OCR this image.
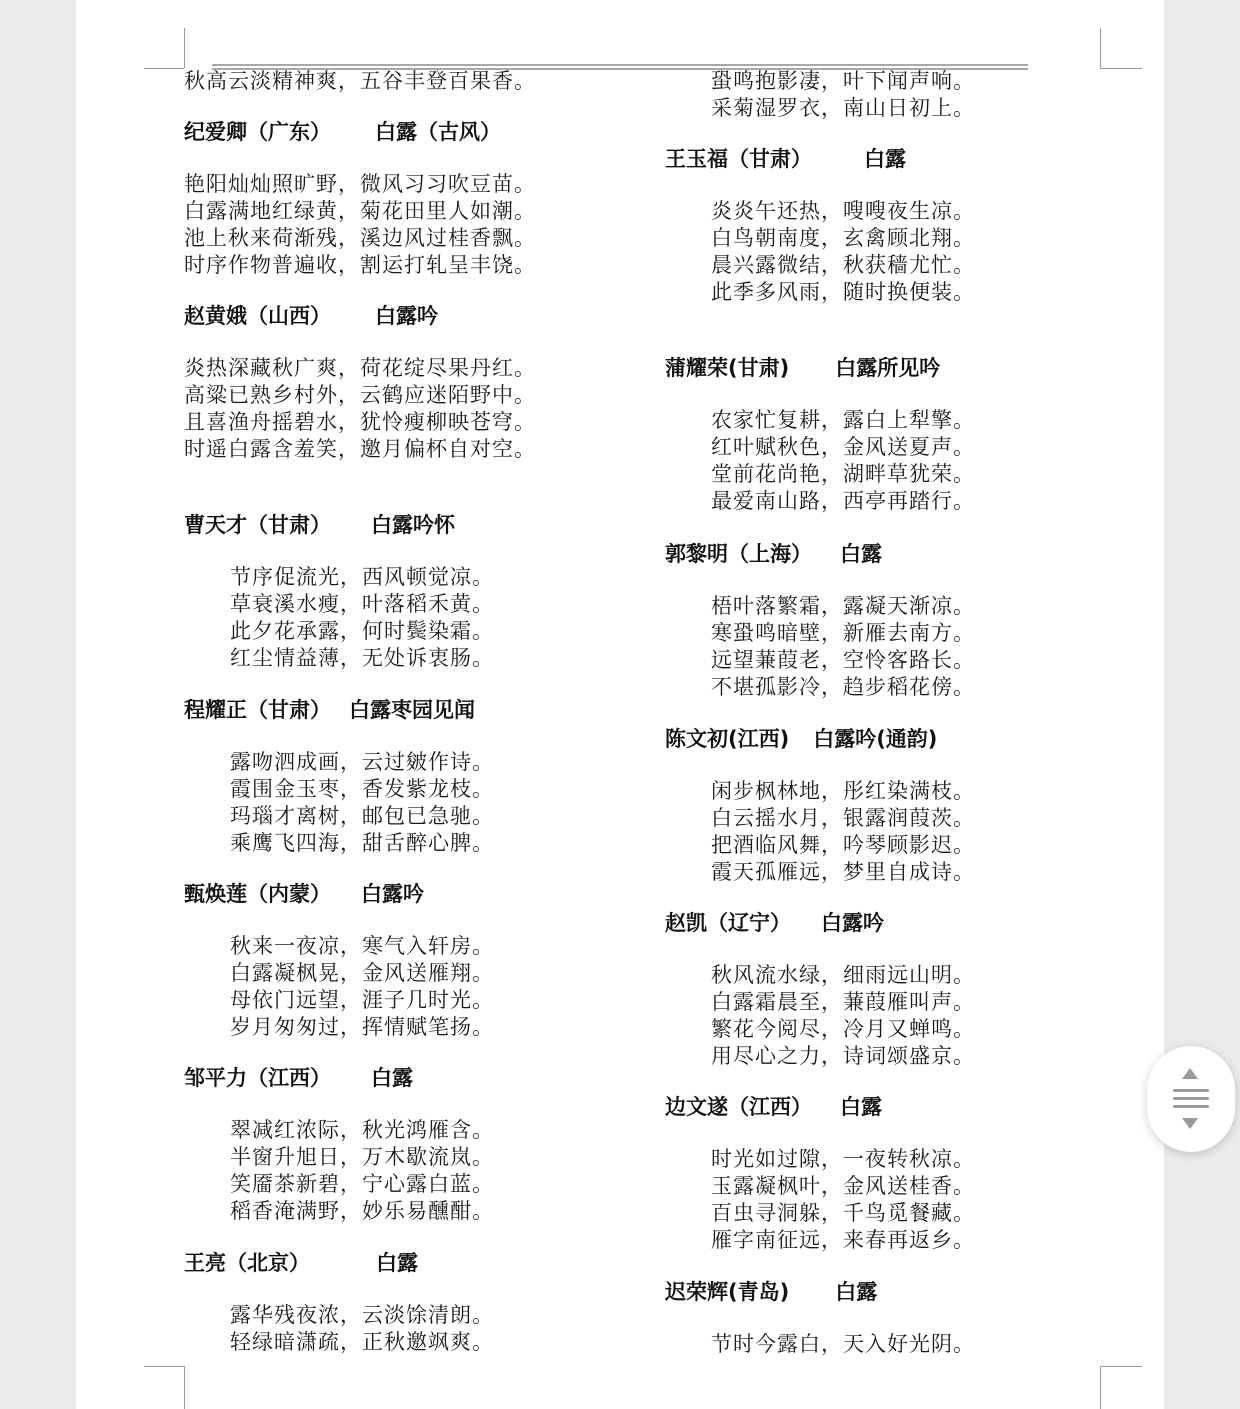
秋高云淡精神爽，五谷丰登百果香。
纪爱卿（广东） 白露（古风）
艳阳灿灿照旷野，微风习习吹豆苗。
白露满地红绿黄，菊花田里人如潮。
池上秋来荷渐残，溪边风过桂香飘。
时序作物普遍收，割运打轧呈丰饶。
赵黄娥（山西） 白露吟
炎热深藏秋广爽，荷花绽尽果丹红。
高粱已熟乡村外，云鹤应迷陌野中。
且喜渔舟摇碧水，犹怜瘦柳映苍穹。
时遥白露含羞笑，邀月偏杯自对空。
曹天才（甘肃） 白露吟怀
节序促流光，西风顿觉凉。
草衰溪水瘦，叶落稻禾黄。
此夕花承露，何时鬓染霜。
红尘情益薄，无处诉衷肠。
程耀正（甘肃） 白露枣园见闻
露吻泗成画，云过皴作诗。
霞围金玉枣，香发紫龙枝。
玛瑙才离树，邮包已急驰。
乘鹰飞四海，甜舌醉心脾。
甄焕莲（内蒙） 白露吟
秋来一夜凉，寒气入轩房。
白露凝枫晃，金风送雁翔。
母依门远望，涯子几时光。
岁月匆匆过，挥情赋笔扬。
邹平力（江西） 白露
翠减红浓际，秋光鸿雁含。
半窗升旭日，万木歇流岚。
笑靥茶新碧，宁心露白蓝。
稻香淹满野，妙乐易醺酣。
王亮（北京）	白露
露华残夜浓，云淡馀清朗。
轻绿暗潇疏，正秋邀飒爽。
蛩鸣抱影凄，叶下闻声响。
采菊湿罗衣，南山日初上。
王玉福（甘肃） 白露
炎炎午还热，嗖嗖夜生凉。
白鸟朝南度，玄禽顾北翔。
晨兴露微结，秋获穑尤忙。
此季多风雨，随时换便装。
蒲耀荣(甘肃) 白露所见吟
农家忙复耕，露白上犁擎。
红叶赋秋色，金风送夏声。
堂前花尚艳，湖畔草犹荣。
最爱南山路，西亭再踏行。
郭黎明（上海） 白露
梧叶落繁霜，露凝天渐凉。
寒蛩鸣暗壁，新雁去南方。
远望蒹葭老，空怜客路长。
不堪孤影冷，趋步稻花傍。
陈文初(江西) 白露吟(通韵)
闲步枫林地，彤红染满枝。
白云摇水月，银露润葭茨。
把酒临风舞，吟琴顾影迟。
霞天孤雁远，梦里自成诗。
赵凯（辽宁） 白露吟
秋风流水绿，细雨远山明。
白露霜晨至，蒹葭雁叫声。
繁花今阅尽，冷月又蝉鸣。
用尽心之力，诗词颂盛京。
边文遂（江西） 白露
时光如过隙，一夜转秋凉。
玉露凝枫叶，金风送桂香。
百虫寻洞躲，千鸟觅餐藏。
雁字南征远，来春再返乡。
迟荣辉(青岛) 白露
节时今露白，天入好光阴。
